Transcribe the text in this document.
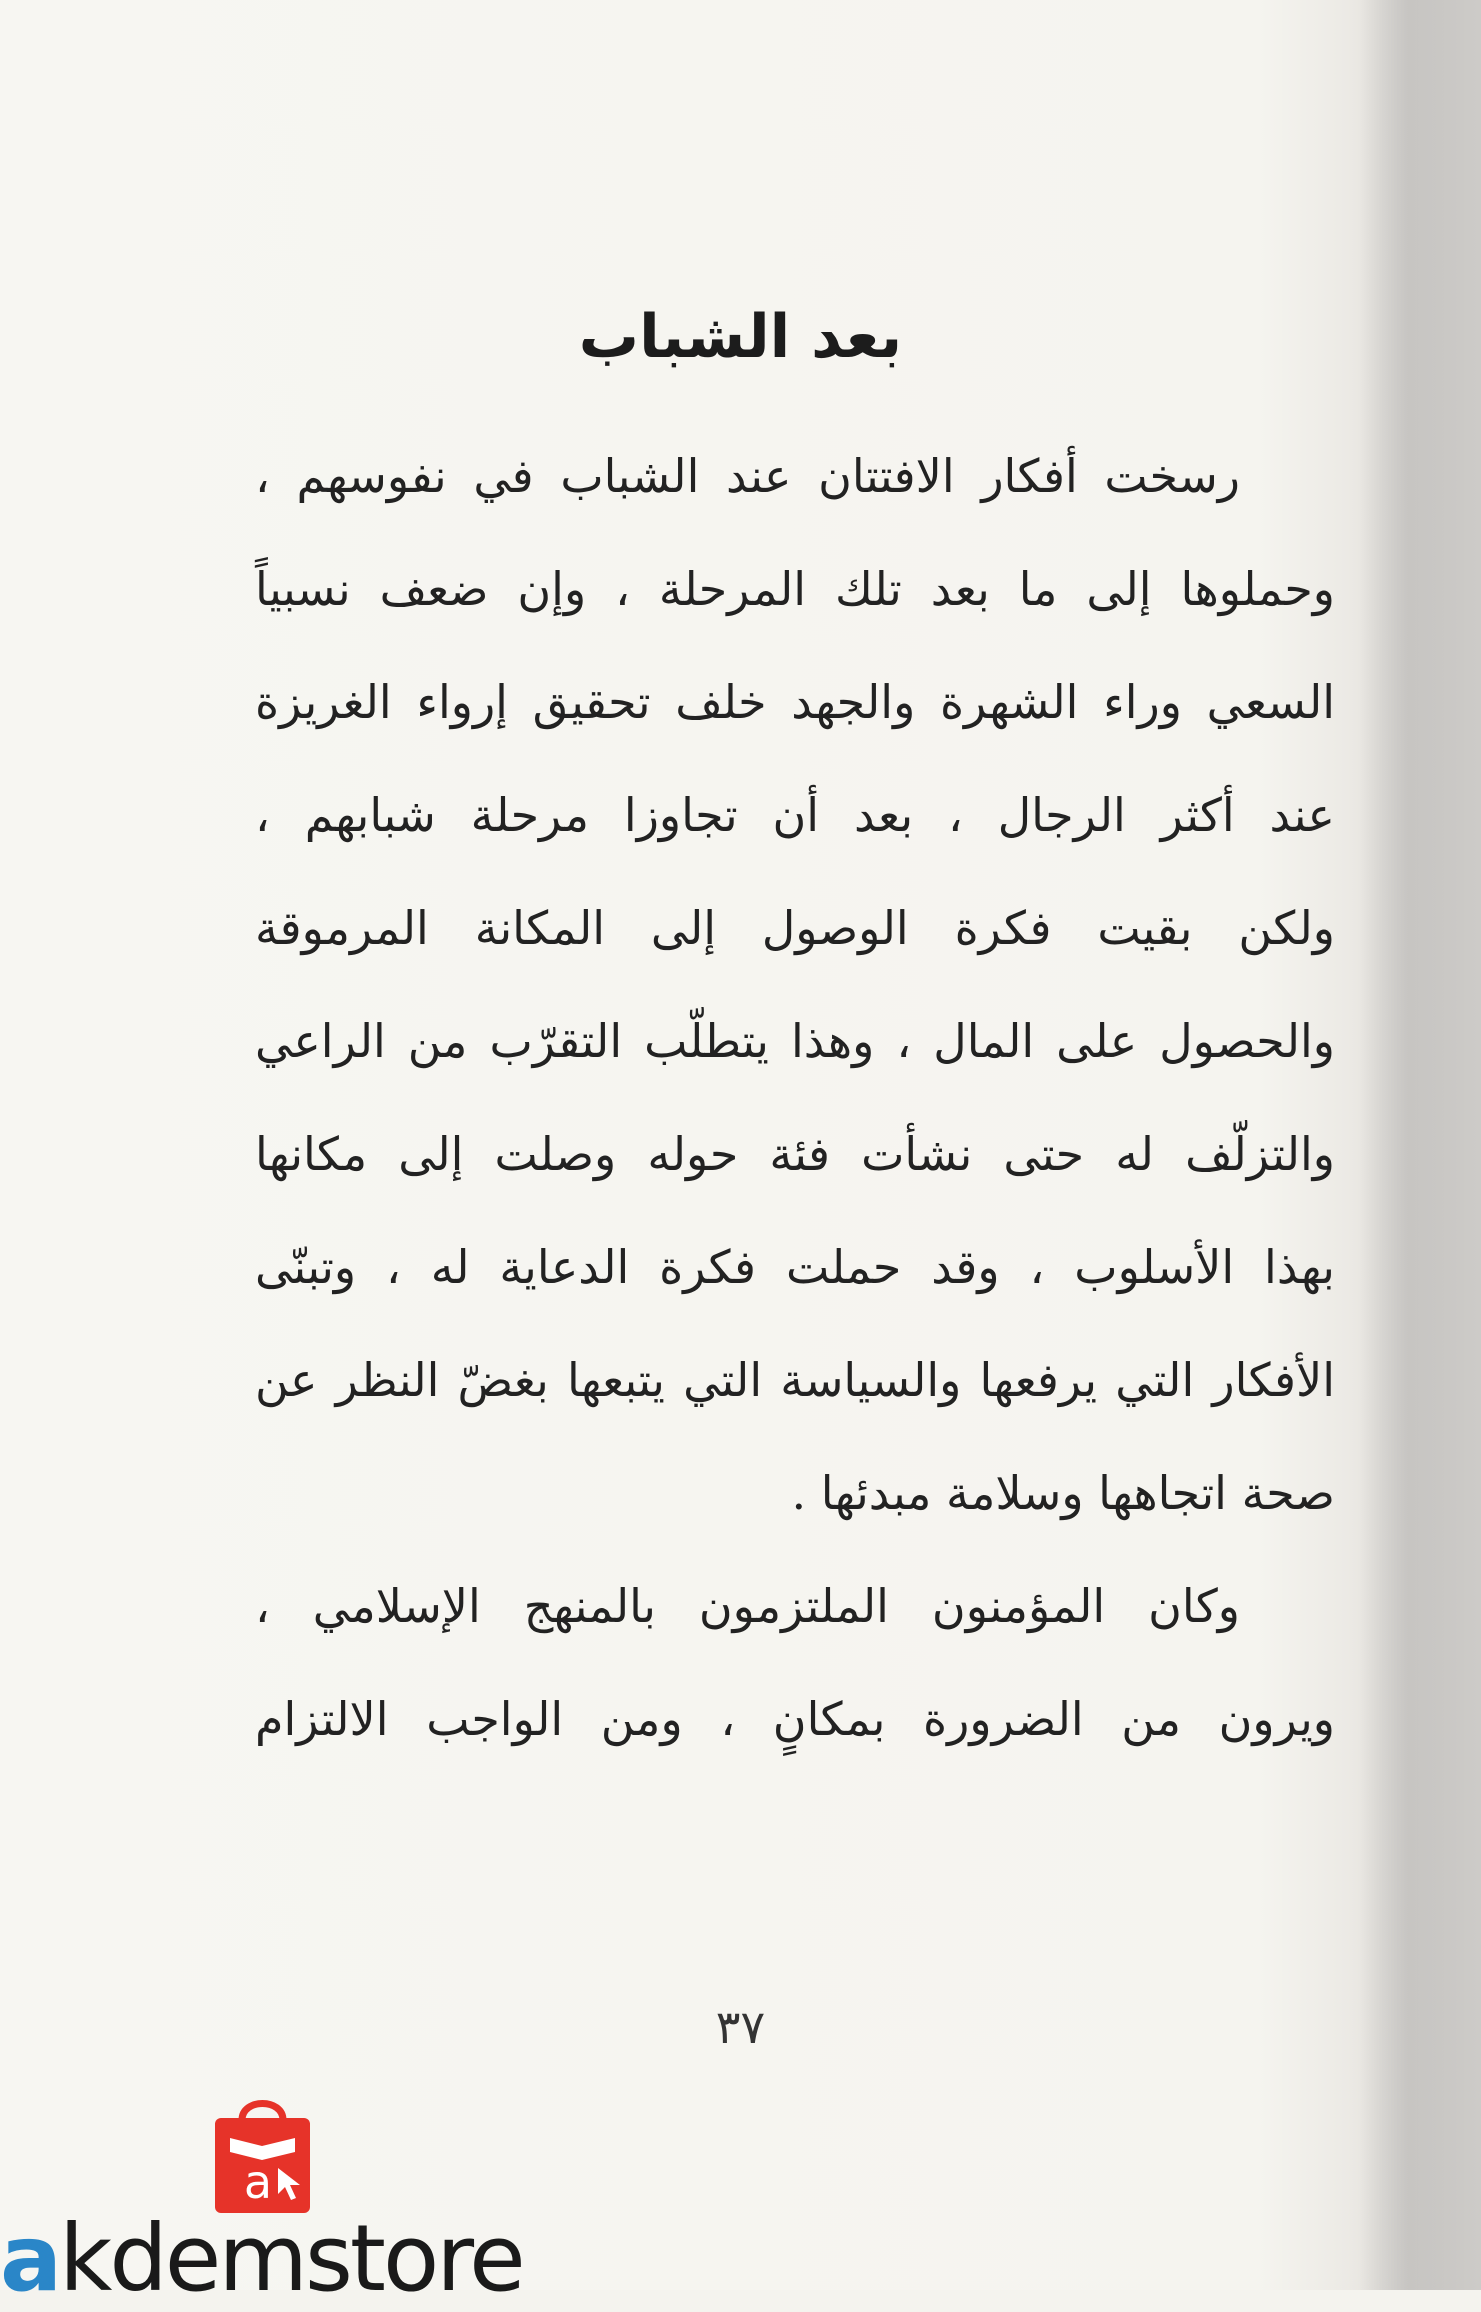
بعد الشباب
رسخت أفكار الافتتان عند الشباب في نفوسهم ،
وحملوها إلى ما بعد تلك المرحلة ، وإن ضعف نسبياً
السعي وراء الشهرة والجهد خلف تحقيق إرواء الغريزة
عند أكثر الرجال ، بعد أن تجاوزا مرحلة شبابهم ،
ولكن بقيت فكرة الوصول إلى المكانة المرموقة
والحصول على المال ، وهذا يتطلّب التقرّب من الراعي
والتزلّف له حتى نشأت فئة حوله وصلت إلى مكانها
بهذا الأسلوب ، وقد حملت فكرة الدعاية له ، وتبنّى
الأفكار التي يرفعها والسياسة التي يتبعها بغضّ النظر عن
صحة اتجاهها وسلامة مبدئها .
وكان المؤمنون الملتزمون بالمنهج الإسلامي ،
ويرون من الضرورة بمكانٍ ، ومن الواجب الالتزام
٣٧
a
akdemstore
